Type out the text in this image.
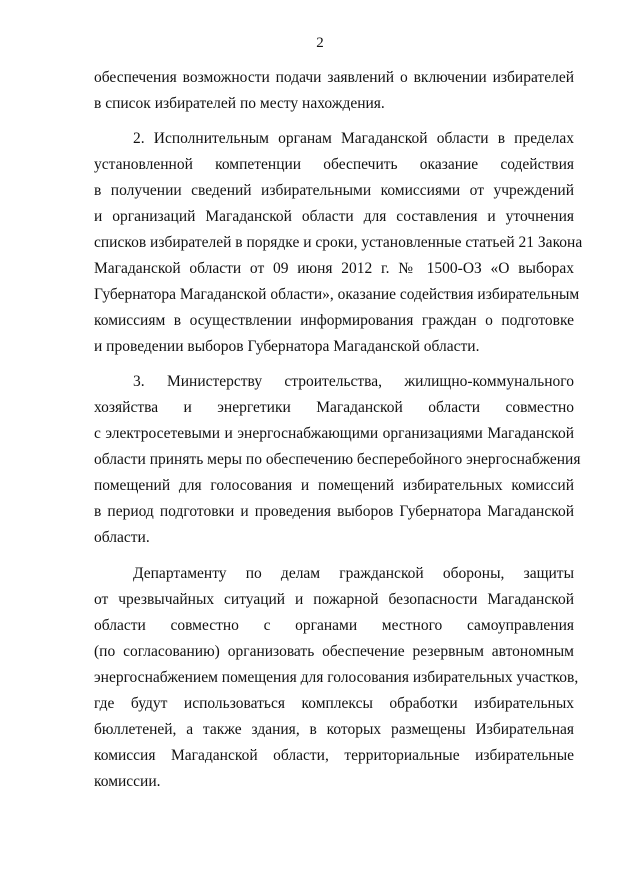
2
обеспечения возможности подачи заявлений о включении избирателей
в список избирателей по месту нахождения.
2. Исполнительным органам Магаданской области в пределах
установленной компетенции обеспечить оказание содействия
в получении сведений избирательными комиссиями от учреждений
и организаций Магаданской области для составления и уточнения
списков избирателей в порядке и сроки, установленные статьей 21 Закона
Магаданской области от 09 июня 2012 г. № 1500-ОЗ «О выборах
Губернатора Магаданской области», оказание содействия избирательным
комиссиям в осуществлении информирования граждан о подготовке
и проведении выборов Губернатора Магаданской области.
3. Министерству строительства, жилищно-коммунального
хозяйства и энергетики Магаданской области совместно
с электросетевыми и энергоснабжающими организациями Магаданской
области принять меры по обеспечению бесперебойного энергоснабжения
помещений для голосования и помещений избирательных комиссий
в период подготовки и проведения выборов Губернатора Магаданской
области.
Департаменту по делам гражданской обороны, защиты
от чрезвычайных ситуаций и пожарной безопасности Магаданской
области совместно с органами местного самоуправления
(по согласованию) организовать обеспечение резервным автономным
энергоснабжением помещения для голосования избирательных участков,
где будут использоваться комплексы обработки избирательных
бюллетеней, а также здания, в которых размещены Избирательная
комиссия Магаданской области, территориальные избирательные
комиссии.
